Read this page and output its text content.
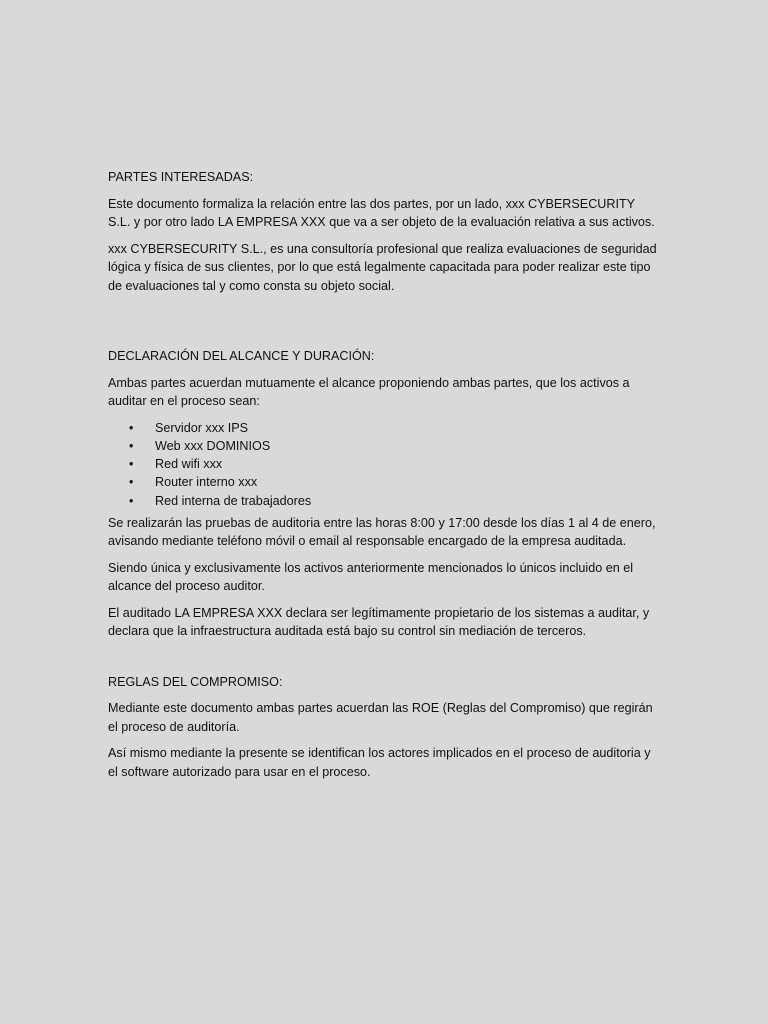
PARTES INTERESADAS:

Este documento formaliza la relación entre las dos partes, por un lado, xxx CYBERSECURITY S.L. y por otro lado LA EMPRESA XXX que va a ser objeto de la evaluación relativa a sus activos.

xxx CYBERSECURITY S.L., es una consultoría profesional que realiza evaluaciones de seguridad lógica y física de sus clientes, por lo que está legalmente capacitada para poder realizar este tipo de evaluaciones tal y como consta su objeto social.

DECLARACIÓN DEL ALCANCE Y DURACIÓN:

Ambas partes acuerdan mutuamente el alcance proponiendo ambas partes, que los activos a auditar en el proceso sean:

• Servidor xxx IPS
• Web xxx DOMINIOS
• Red wifi xxx
• Router interno xxx
• Red interna de trabajadores

Se realizarán las pruebas de auditoria entre las horas 8:00 y 17:00 desde los días 1 al 4 de enero, avisando mediante teléfono móvil o email al responsable encargado de la empresa auditada.

Siendo única y exclusivamente los activos anteriormente mencionados lo únicos incluido en el alcance del proceso auditor.

El auditado LA EMPRESA XXX declara ser legítimamente propietario de los sistemas a auditar, y declara que la infraestructura auditada está bajo su control sin mediación de terceros.

REGLAS DEL COMPROMISO:

Mediante este documento ambas partes acuerdan las ROE (Reglas del Compromiso) que regirán el proceso de auditoría.

Así mismo mediante la presente se identifican los actores implicados en el proceso de auditoria y el software autorizado para usar en el proceso.
